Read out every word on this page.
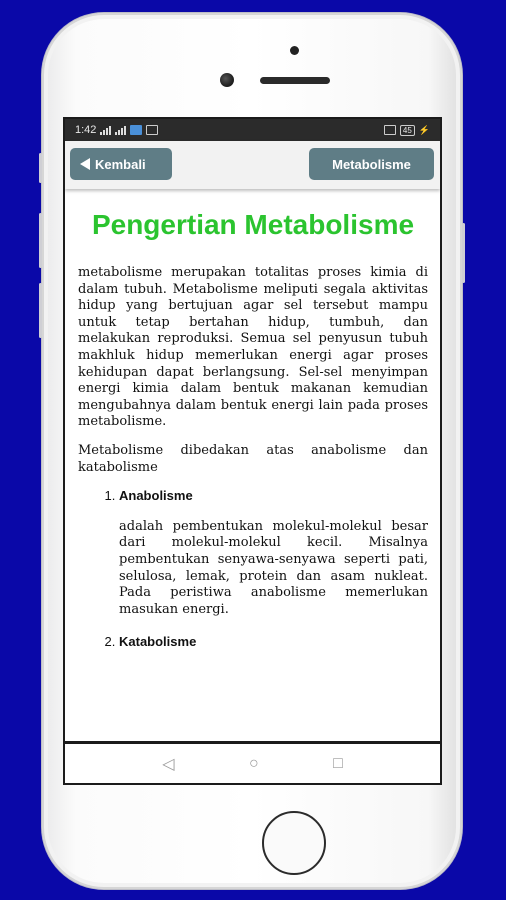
1:42	45 ⚡
Kembali	Metabolisme
Pengertian Metabolisme

metabolisme merupakan totalitas proses kimia di dalam tubuh. Metabolisme meliputi segala aktivitas hidup yang bertujuan agar sel tersebut mampu untuk tetap bertahan hidup, tumbuh, dan melakukan reproduksi. Semua sel penyusun tubuh makhluk hidup memerlukan energi agar proses kehidupan dapat berlangsung. Sel-sel menyimpan energi kimia dalam bentuk makanan kemudian mengubahnya dalam bentuk energi lain pada proses metabolisme.

Metabolisme dibedakan atas anabolisme dan katabolisme

1. Anabolisme
adalah pembentukan molekul-molekul besar dari molekul-molekul kecil. Misalnya pembentukan senyawa-senyawa seperti pati, selulosa, lemak, protein dan asam nukleat. Pada peristiwa anabolisme memerlukan masukan energi.
2. Katabolisme
◁	○	□
